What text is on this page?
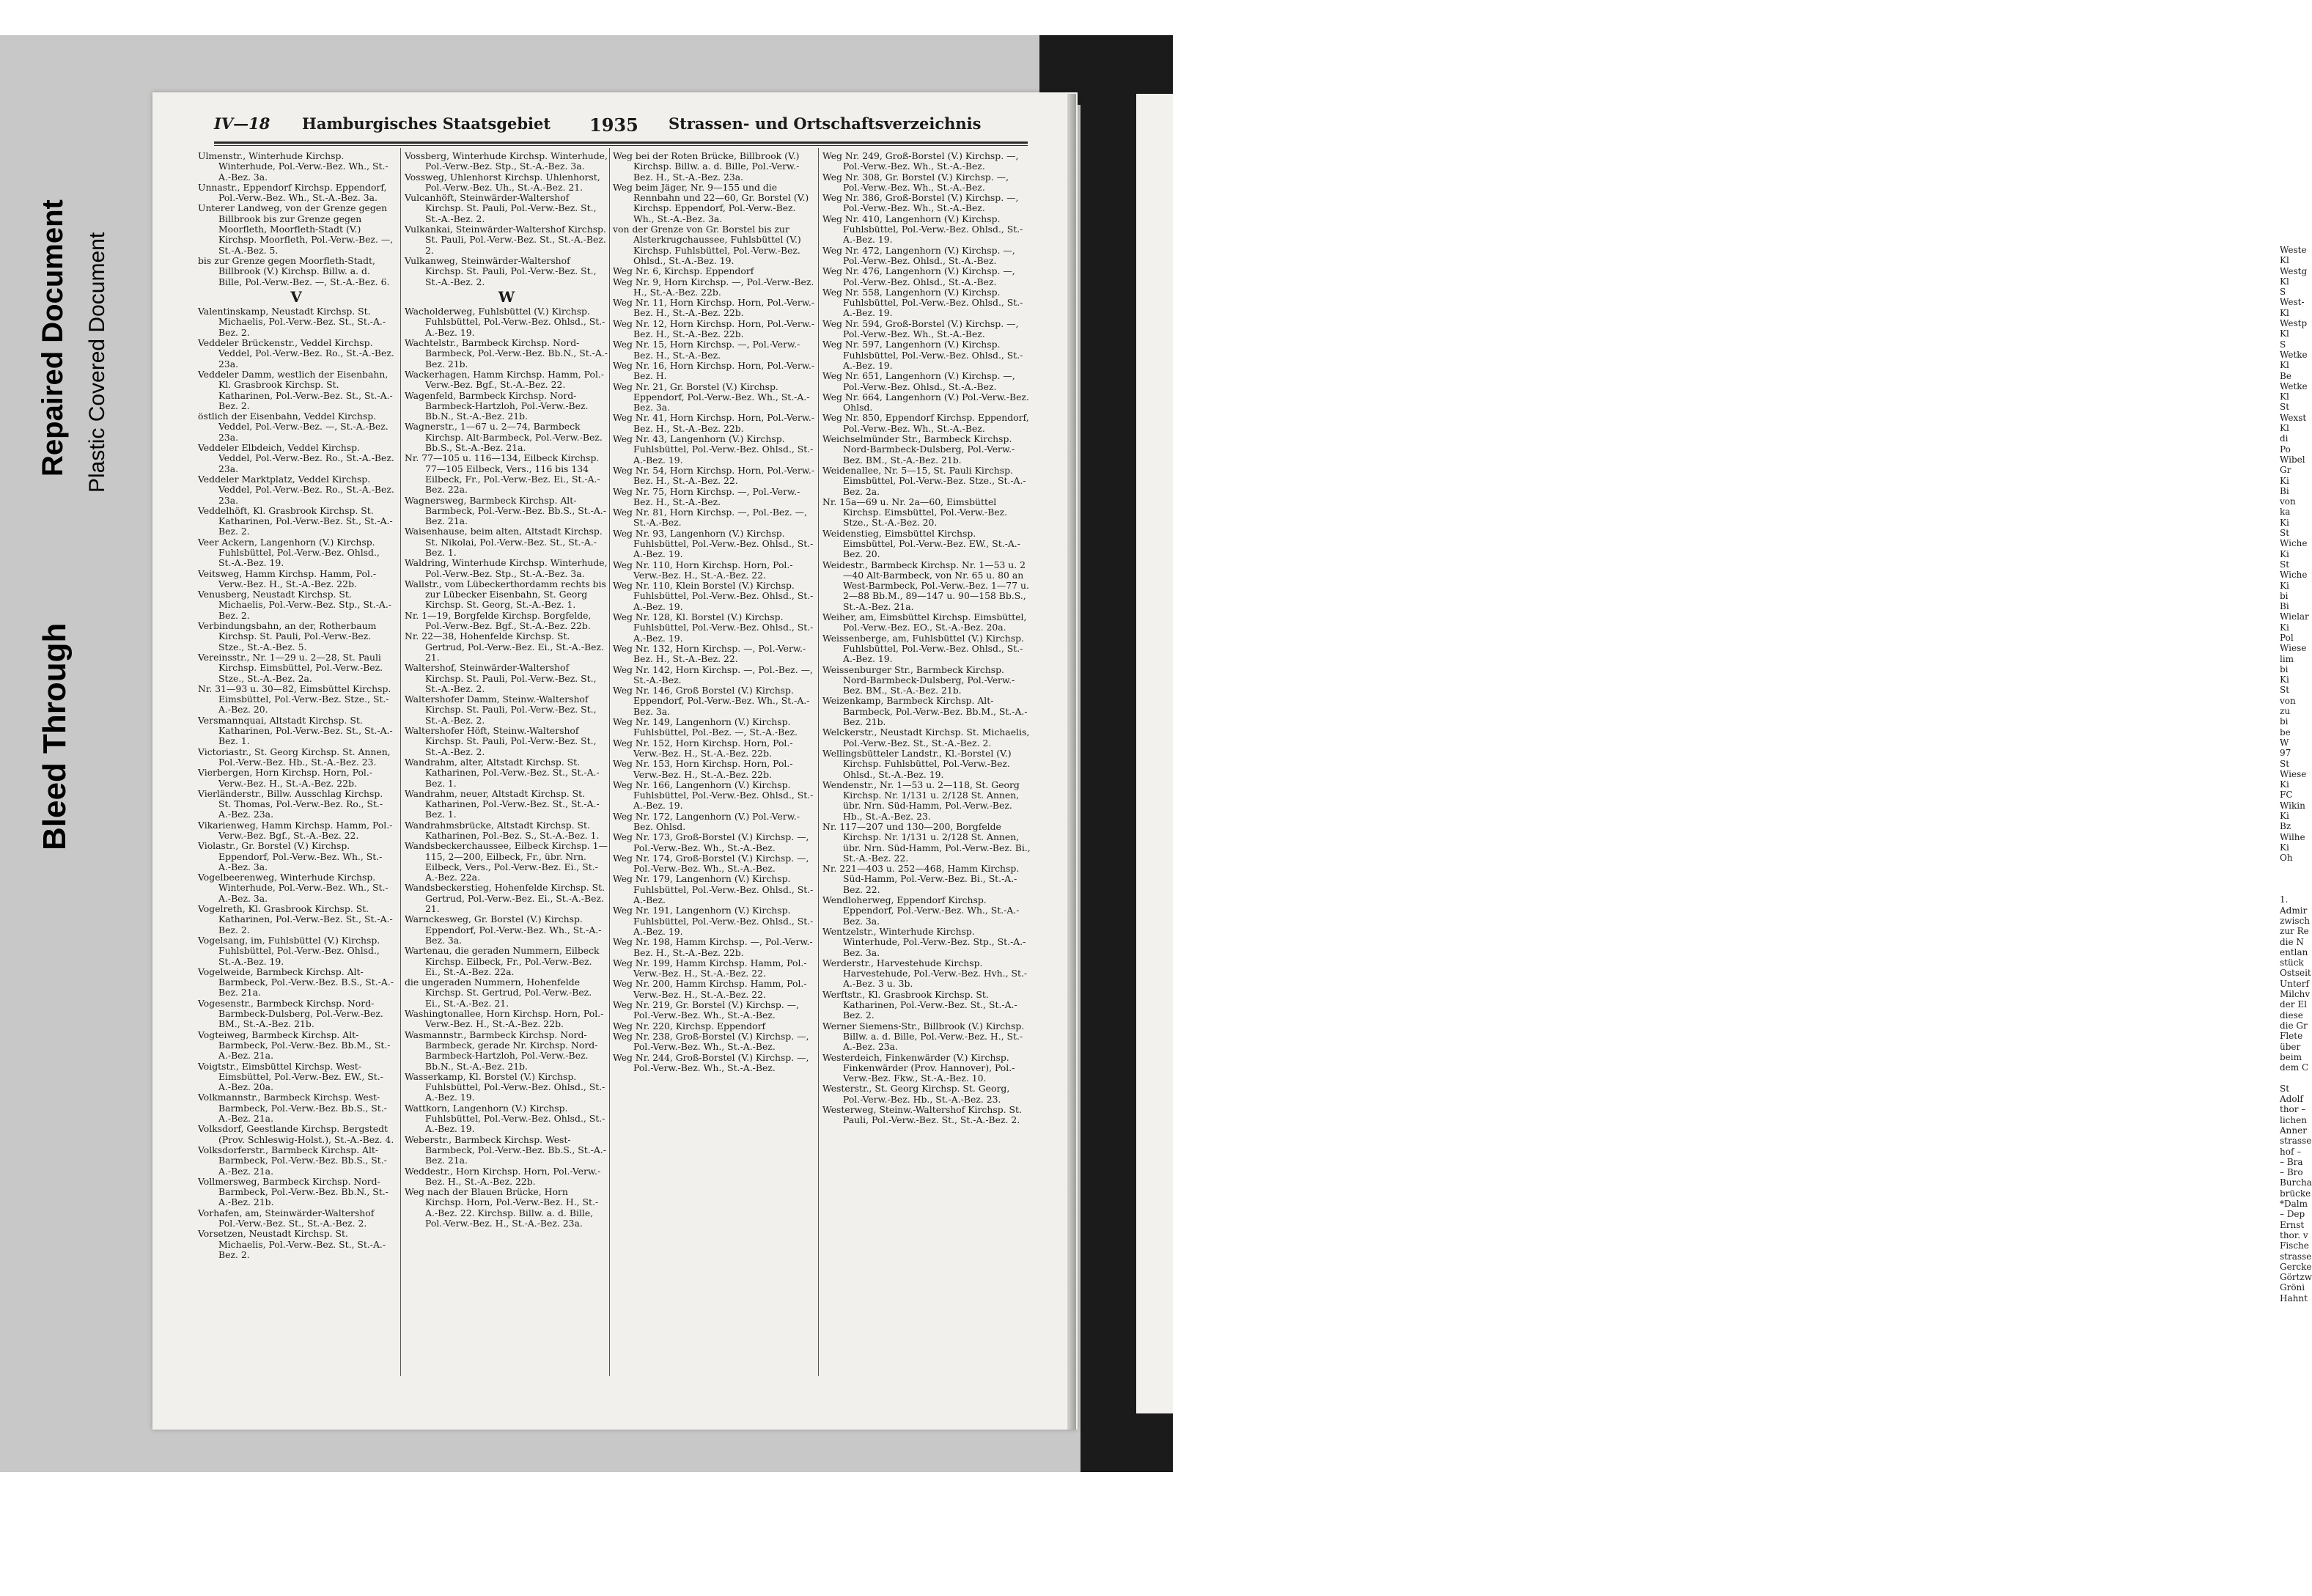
Weste

Kl

Westg

Kl

S

West-

Kl

Westp

Kl

S

Wetke

Kl

Be

Wetke

Kl

St

Wexst

Kl

di

Po

Wibel

Gr

Ki

Bi

von

ka

Ki

St

Wiche

Ki

St

Wiche

Ki

bi

Bi

Wielar

Ki

Pol

Wiese

lim

bi

Ki

St

von

zu

bi

be

W

97

St

Wiese

Ki

FC

Wikin

Ki

Bz

Wilhe

Ki

Oh

1.

Admir

zwisch

zur Re

die N

entlan

stück

Ostseit

Unterf

Milchv

der El

diese

die Gr

Flete

über

beim

dem C

St

Adolf

thor –

lichen

Anner

strasse

hof –

– Bra

– Bro

Burcha

brücke

*Dalm

– Dep

Ernst

thor. v

Fische

strasse

Gercke

Görtzw

Gröni

Hahnt

Bleed Through
Repaired Document Plastic Covered Document
IV—18 Hamburgisches Staatsgebiet 1935 Strassen- und Ortschaftsverzeichnis

Ulmenstr., Winterhude Kirchsp. Winterhude, Pol.-Verw.-Bez. Wh., St.-A.-Bez. 3a.

Unnastr., Eppendorf Kirchsp. Eppendorf, Pol.-Verw.-Bez. Wh., St.-A.-Bez. 3a.

Unterer Landweg, von der Grenze gegen Billbrook bis zur Grenze gegen Moorfleth, Moorfleth-Stadt (V.) Kirchsp. Moorfleth, Pol.-Verw.-Bez. —, St.-A.-Bez. 5.

bis zur Grenze gegen Moorfleth-Stadt, Billbrook (V.) Kirchsp. Billw. a. d. Bille, Pol.-Verw.-Bez. —, St.-A.-Bez. 6.

V

Valentinskamp, Neustadt Kirchsp. St. Michaelis, Pol.-Verw.-Bez. St., St.-A.-Bez. 2.

Veddeler Brückenstr., Veddel Kirchsp. Veddel, Pol.-Verw.-Bez. Ro., St.-A.-Bez. 23a.

Veddeler Damm, westlich der Eisenbahn, Kl. Grasbrook Kirchsp. St. Katharinen, Pol.-Verw.-Bez. St., St.-A.-Bez. 2.

östlich der Eisenbahn, Veddel Kirchsp. Veddel, Pol.-Verw.-Bez. —, St.-A.-Bez. 23a.

Veddeler Elbdeich, Veddel Kirchsp. Veddel, Pol.-Verw.-Bez. Ro., St.-A.-Bez. 23a.

Veddeler Marktplatz, Veddel Kirchsp. Veddel, Pol.-Verw.-Bez. Ro., St.-A.-Bez. 23a.

Veddelhöft, Kl. Grasbrook Kirchsp. St. Katharinen, Pol.-Verw.-Bez. St., St.-A.-Bez. 2.

Veer Ackern, Langenhorn (V.) Kirchsp. Fuhlsbüttel, Pol.-Verw.-Bez. Ohlsd., St.-A.-Bez. 19.

Veitsweg, Hamm Kirchsp. Hamm, Pol.-Verw.-Bez. H., St.-A.-Bez. 22b.

Venusberg, Neustadt Kirchsp. St. Michaelis, Pol.-Verw.-Bez. Stp., St.-A.-Bez. 2.

Verbindungsbahn, an der, Rotherbaum Kirchsp. St. Pauli, Pol.-Verw.-Bez. Stze., St.-A.-Bez. 5.

Vereinsstr., Nr. 1—29 u. 2—28, St. Pauli Kirchsp. Eimsbüttel, Pol.-Verw.-Bez. Stze., St.-A.-Bez. 2a.

Nr. 31—93 u. 30—82, Eimsbüttel Kirchsp. Eimsbüttel, Pol.-Verw.-Bez. Stze., St.-A.-Bez. 20.

Versmannquai, Altstadt Kirchsp. St. Katharinen, Pol.-Verw.-Bez. St., St.-A.-Bez. 1.

Victoriastr., St. Georg Kirchsp. St. Annen, Pol.-Verw.-Bez. Hb., St.-A.-Bez. 23.

Vierbergen, Horn Kirchsp. Horn, Pol.-Verw.-Bez. H., St.-A.-Bez. 22b.

Vierländerstr., Billw. Ausschlag Kirchsp. St. Thomas, Pol.-Verw.-Bez. Ro., St.-A.-Bez. 23a.

Vikarienweg, Hamm Kirchsp. Hamm, Pol.-Verw.-Bez. Bgf., St.-A.-Bez. 22.

Violastr., Gr. Borstel (V.) Kirchsp. Eppendorf, Pol.-Verw.-Bez. Wh., St.-A.-Bez. 3a.

Vogelbeerenweg, Winterhude Kirchsp. Winterhude, Pol.-Verw.-Bez. Wh., St.-A.-Bez. 3a.

Vogelreth, Kl. Grasbrook Kirchsp. St. Katharinen, Pol.-Verw.-Bez. St., St.-A.-Bez. 2.

Vogelsang, im, Fuhlsbüttel (V.) Kirchsp. Fuhlsbüttel, Pol.-Verw.-Bez. Ohlsd., St.-A.-Bez. 19.

Vogelweide, Barmbeck Kirchsp. Alt-Barmbeck, Pol.-Verw.-Bez. B.S., St.-A.-Bez. 21a.

Vogesenstr., Barmbeck Kirchsp. Nord-Barmbeck-Dulsberg, Pol.-Verw.-Bez. BM., St.-A.-Bez. 21b.

Vogteiweg, Barmbeck Kirchsp. Alt-Barmbeck, Pol.-Verw.-Bez. Bb.M., St.-A.-Bez. 21a.

Voigtstr., Eimsbüttel Kirchsp. West-Eimsbüttel, Pol.-Verw.-Bez. EW., St.-A.-Bez. 20a.

Volkmannstr., Barmbeck Kirchsp. West-Barmbeck, Pol.-Verw.-Bez. Bb.S., St.-A.-Bez. 21a.

Volksdorf, Geestlande Kirchsp. Bergstedt (Prov. Schleswig-Holst.), St.-A.-Bez. 4.

Volksdorferstr., Barmbeck Kirchsp. Alt-Barmbeck, Pol.-Verw.-Bez. Bb.S., St.-A.-Bez. 21a.

Vollmersweg, Barmbeck Kirchsp. Nord-Barmbeck, Pol.-Verw.-Bez. Bb.N., St.-A.-Bez. 21b.

Vorhafen, am, Steinwärder-Waltershof Pol.-Verw.-Bez. St., St.-A.-Bez. 2.

Vorsetzen, Neustadt Kirchsp. St. Michaelis, Pol.-Verw.-Bez. St., St.-A.-Bez. 2.

Vossberg, Winterhude Kirchsp. Winterhude, Pol.-Verw.-Bez. Stp., St.-A.-Bez. 3a.

Vossweg, Uhlenhorst Kirchsp. Uhlenhorst, Pol.-Verw.-Bez. Uh., St.-A.-Bez. 21.

Vulcanhöft, Steinwärder-Waltershof Kirchsp. St. Pauli, Pol.-Verw.-Bez. St., St.-A.-Bez. 2.

Vulkankai, Steinwärder-Waltershof Kirchsp. St. Pauli, Pol.-Verw.-Bez. St., St.-A.-Bez. 2.

Vulkanweg, Steinwärder-Waltershof Kirchsp. St. Pauli, Pol.-Verw.-Bez. St., St.-A.-Bez. 2.

W

Wacholderweg, Fuhlsbüttel (V.) Kirchsp. Fuhlsbüttel, Pol.-Verw.-Bez. Ohlsd., St.-A.-Bez. 19.

Wachtelstr., Barmbeck Kirchsp. Nord-Barmbeck, Pol.-Verw.-Bez. Bb.N., St.-A.-Bez. 21b.

Wackerhagen, Hamm Kirchsp. Hamm, Pol.-Verw.-Bez. Bgf., St.-A.-Bez. 22.

Wagenfeld, Barmbeck Kirchsp. Nord-Barmbeck-Hartzloh, Pol.-Verw.-Bez. Bb.N., St.-A.-Bez. 21b.

Wagnerstr., 1—67 u. 2—74, Barmbeck Kirchsp. Alt-Barmbeck, Pol.-Verw.-Bez. Bb.S., St.-A.-Bez. 21a.

Nr. 77—105 u. 116—134, Eilbeck Kirchsp. 77—105 Eilbeck, Vers., 116 bis 134 Eilbeck, Fr., Pol.-Verw.-Bez. Ei., St.-A.-Bez. 22a.

Wagnersweg, Barmbeck Kirchsp. Alt-Barmbeck, Pol.-Verw.-Bez. Bb.S., St.-A.-Bez. 21a.

Waisenhause, beim alten, Altstadt Kirchsp. St. Nikolai, Pol.-Verw.-Bez. St., St.-A.-Bez. 1.

Waldring, Winterhude Kirchsp. Winterhude, Pol.-Verw.-Bez. Stp., St.-A.-Bez. 3a.

Wallstr., vom Lübeckerthordamm rechts bis zur Lübecker Eisenbahn, St. Georg Kirchsp. St. Georg, St.-A.-Bez. 1.

Nr. 1—19, Borgfelde Kirchsp. Borgfelde, Pol.-Verw.-Bez. Bgf., St.-A.-Bez. 22b.

Nr. 22—38, Hohenfelde Kirchsp. St. Gertrud, Pol.-Verw.-Bez. Ei., St.-A.-Bez. 21.

Waltershof, Steinwärder-Waltershof Kirchsp. St. Pauli, Pol.-Verw.-Bez. St., St.-A.-Bez. 2.

Waltershofer Damm, Steinw.-Waltershof Kirchsp. St. Pauli, Pol.-Verw.-Bez. St., St.-A.-Bez. 2.

Waltershofer Höft, Steinw.-Waltershof Kirchsp. St. Pauli, Pol.-Verw.-Bez. St., St.-A.-Bez. 2.

Wandrahm, alter, Altstadt Kirchsp. St. Katharinen, Pol.-Verw.-Bez. St., St.-A.-Bez. 1.

Wandrahm, neuer, Altstadt Kirchsp. St. Katharinen, Pol.-Verw.-Bez. St., St.-A.-Bez. 1.

Wandrahmsbrücke, Altstadt Kirchsp. St. Katharinen, Pol.-Bez. S., St.-A.-Bez. 1.

Wandsbeckerchaussee, Eilbeck Kirchsp. 1—115, 2—200, Eilbeck, Fr., übr. Nrn. Eilbeck, Vers., Pol.-Verw.-Bez. Ei., St.-A.-Bez. 22a.

Wandsbeckerstieg, Hohenfelde Kirchsp. St. Gertrud, Pol.-Verw.-Bez. Ei., St.-A.-Bez. 21.

Warnckesweg, Gr. Borstel (V.) Kirchsp. Eppendorf, Pol.-Verw.-Bez. Wh., St.-A.-Bez. 3a.

Wartenau, die geraden Nummern, Eilbeck Kirchsp. Eilbeck, Fr., Pol.-Verw.-Bez. Ei., St.-A.-Bez. 22a.

die ungeraden Nummern, Hohenfelde Kirchsp. St. Gertrud, Pol.-Verw.-Bez. Ei., St.-A.-Bez. 21.

Washingtonallee, Horn Kirchsp. Horn, Pol.-Verw.-Bez. H., St.-A.-Bez. 22b.

Wasmannstr., Barmbeck Kirchsp. Nord-Barmbeck, gerade Nr. Kirchsp. Nord-Barmbeck-Hartzloh, Pol.-Verw.-Bez. Bb.N., St.-A.-Bez. 21b.

Wasserkamp, Kl. Borstel (V.) Kirchsp. Fuhlsbüttel, Pol.-Verw.-Bez. Ohlsd., St.-A.-Bez. 19.

Wattkorn, Langenhorn (V.) Kirchsp. Fuhlsbüttel, Pol.-Verw.-Bez. Ohlsd., St.-A.-Bez. 19.

Weberstr., Barmbeck Kirchsp. West-Barmbeck, Pol.-Verw.-Bez. Bb.S., St.-A.-Bez. 21a.

Weddestr., Horn Kirchsp. Horn, Pol.-Verw.-Bez. H., St.-A.-Bez. 22b.

Weg nach der Blauen Brücke, Horn Kirchsp. Horn, Pol.-Verw.-Bez. H., St.-A.-Bez. 22. Kirchsp. Billw. a. d. Bille, Pol.-Verw.-Bez. H., St.-A.-Bez. 23a.

Weg bei der Roten Brücke, Billbrook (V.) Kirchsp. Billw. a. d. Bille, Pol.-Verw.-Bez. H., St.-A.-Bez. 23a.

Weg beim Jäger, Nr. 9—155 und die Rennbahn und 22—60, Gr. Borstel (V.) Kirchsp. Eppendorf, Pol.-Verw.-Bez. Wh., St.-A.-Bez. 3a.

von der Grenze von Gr. Borstel bis zur Alsterkrugchaussee, Fuhlsbüttel (V.) Kirchsp. Fuhlsbüttel, Pol.-Verw.-Bez. Ohlsd., St.-A.-Bez. 19.

Weg Nr. 6, Kirchsp. Eppendorf

Weg Nr. 9, Horn Kirchsp. —, Pol.-Verw.-Bez. H., St.-A.-Bez. 22b.

Weg Nr. 11, Horn Kirchsp. Horn, Pol.-Verw.-Bez. H., St.-A.-Bez. 22b.

Weg Nr. 12, Horn Kirchsp. Horn, Pol.-Verw.-Bez. H., St.-A.-Bez. 22b.

Weg Nr. 15, Horn Kirchsp. —, Pol.-Verw.-Bez. H., St.-A.-Bez.

Weg Nr. 16, Horn Kirchsp. Horn, Pol.-Verw.-Bez. H.

Weg Nr. 21, Gr. Borstel (V.) Kirchsp. Eppendorf, Pol.-Verw.-Bez. Wh., St.-A.-Bez. 3a.

Weg Nr. 41, Horn Kirchsp. Horn, Pol.-Verw.-Bez. H., St.-A.-Bez. 22b.

Weg Nr. 43, Langenhorn (V.) Kirchsp. Fuhlsbüttel, Pol.-Verw.-Bez. Ohlsd., St.-A.-Bez. 19.

Weg Nr. 54, Horn Kirchsp. Horn, Pol.-Verw.-Bez. H., St.-A.-Bez. 22.

Weg Nr. 75, Horn Kirchsp. —, Pol.-Verw.-Bez. H., St.-A.-Bez.

Weg Nr. 81, Horn Kirchsp. —, Pol.-Bez. —, St.-A.-Bez.

Weg Nr. 93, Langenhorn (V.) Kirchsp. Fuhlsbüttel, Pol.-Verw.-Bez. Ohlsd., St.-A.-Bez. 19.

Weg Nr. 110, Horn Kirchsp. Horn, Pol.-Verw.-Bez. H., St.-A.-Bez. 22.

Weg Nr. 110, Klein Borstel (V.) Kirchsp. Fuhlsbüttel, Pol.-Verw.-Bez. Ohlsd., St.-A.-Bez. 19.

Weg Nr. 128, Kl. Borstel (V.) Kirchsp. Fuhlsbüttel, Pol.-Verw.-Bez. Ohlsd., St.-A.-Bez. 19.

Weg Nr. 132, Horn Kirchsp. —, Pol.-Verw.-Bez. H., St.-A.-Bez. 22.

Weg Nr. 142, Horn Kirchsp. —, Pol.-Bez. —, St.-A.-Bez.

Weg Nr. 146, Groß Borstel (V.) Kirchsp. Eppendorf, Pol.-Verw.-Bez. Wh., St.-A.-Bez. 3a.

Weg Nr. 149, Langenhorn (V.) Kirchsp. Fuhlsbüttel, Pol.-Bez. —, St.-A.-Bez.

Weg Nr. 152, Horn Kirchsp. Horn, Pol.-Verw.-Bez. H., St.-A.-Bez. 22b.

Weg Nr. 153, Horn Kirchsp. Horn, Pol.-Verw.-Bez. H., St.-A.-Bez. 22b.

Weg Nr. 166, Langenhorn (V.) Kirchsp. Fuhlsbüttel, Pol.-Verw.-Bez. Ohlsd., St.-A.-Bez. 19.

Weg Nr. 172, Langenhorn (V.) Pol.-Verw.-Bez. Ohlsd.

Weg Nr. 173, Groß-Borstel (V.) Kirchsp. —, Pol.-Verw.-Bez. Wh., St.-A.-Bez.

Weg Nr. 174, Groß-Borstel (V.) Kirchsp. —, Pol.-Verw.-Bez. Wh., St.-A.-Bez.

Weg Nr. 179, Langenhorn (V.) Kirchsp. Fuhlsbüttel, Pol.-Verw.-Bez. Ohlsd., St.-A.-Bez.

Weg Nr. 191, Langenhorn (V.) Kirchsp. Fuhlsbüttel, Pol.-Verw.-Bez. Ohlsd., St.-A.-Bez. 19.

Weg Nr. 198, Hamm Kirchsp. —, Pol.-Verw.-Bez. H., St.-A.-Bez. 22b.

Weg Nr. 199, Hamm Kirchsp. Hamm, Pol.-Verw.-Bez. H., St.-A.-Bez. 22.

Weg Nr. 200, Hamm Kirchsp. Hamm, Pol.-Verw.-Bez. H., St.-A.-Bez. 22.

Weg Nr. 219, Gr. Borstel (V.) Kirchsp. —, Pol.-Verw.-Bez. Wh., St.-A.-Bez.

Weg Nr. 220, Kirchsp. Eppendorf

Weg Nr. 238, Groß-Borstel (V.) Kirchsp. —, Pol.-Verw.-Bez. Wh., St.-A.-Bez.

Weg Nr. 244, Groß-Borstel (V.) Kirchsp. —, Pol.-Verw.-Bez. Wh., St.-A.-Bez.

Weg Nr. 249, Groß-Borstel (V.) Kirchsp. —, Pol.-Verw.-Bez. Wh., St.-A.-Bez.

Weg Nr. 308, Gr. Borstel (V.) Kirchsp. —, Pol.-Verw.-Bez. Wh., St.-A.-Bez.

Weg Nr. 386, Groß-Borstel (V.) Kirchsp. —, Pol.-Verw.-Bez. Wh., St.-A.-Bez.

Weg Nr. 410, Langenhorn (V.) Kirchsp. Fuhlsbüttel, Pol.-Verw.-Bez. Ohlsd., St.-A.-Bez. 19.

Weg Nr. 472, Langenhorn (V.) Kirchsp. —, Pol.-Verw.-Bez. Ohlsd., St.-A.-Bez.

Weg Nr. 476, Langenhorn (V.) Kirchsp. —, Pol.-Verw.-Bez. Ohlsd., St.-A.-Bez.

Weg Nr. 558, Langenhorn (V.) Kirchsp. Fuhlsbüttel, Pol.-Verw.-Bez. Ohlsd., St.-A.-Bez. 19.

Weg Nr. 594, Groß-Borstel (V.) Kirchsp. —, Pol.-Verw.-Bez. Wh., St.-A.-Bez.

Weg Nr. 597, Langenhorn (V.) Kirchsp. Fuhlsbüttel, Pol.-Verw.-Bez. Ohlsd., St.-A.-Bez. 19.

Weg Nr. 651, Langenhorn (V.) Kirchsp. —, Pol.-Verw.-Bez. Ohlsd., St.-A.-Bez.

Weg Nr. 664, Langenhorn (V.) Pol.-Verw.-Bez. Ohlsd.

Weg Nr. 850, Eppendorf Kirchsp. Eppendorf, Pol.-Verw.-Bez. Wh., St.-A.-Bez.

Weichselmünder Str., Barmbeck Kirchsp. Nord-Barmbeck-Dulsberg, Pol.-Verw.-Bez. BM., St.-A.-Bez. 21b.

Weidenallee, Nr. 5—15, St. Pauli Kirchsp. Eimsbüttel, Pol.-Verw.-Bez. Stze., St.-A.-Bez. 2a.

Nr. 15a—69 u. Nr. 2a—60, Eimsbüttel Kirchsp. Eimsbüttel, Pol.-Verw.-Bez. Stze., St.-A.-Bez. 20.

Weidenstieg, Eimsbüttel Kirchsp. Eimsbüttel, Pol.-Verw.-Bez. EW., St.-A.-Bez. 20.

Weidestr., Barmbeck Kirchsp. Nr. 1—53 u. 2—40 Alt-Barmbeck, von Nr. 65 u. 80 an West-Barmbeck, Pol.-Verw.-Bez. 1—77 u. 2—88 Bb.M., 89—147 u. 90—158 Bb.S., St.-A.-Bez. 21a.

Weiher, am, Eimsbüttel Kirchsp. Eimsbüttel, Pol.-Verw.-Bez. EO., St.-A.-Bez. 20a.

Weissenberge, am, Fuhlsbüttel (V.) Kirchsp. Fuhlsbüttel, Pol.-Verw.-Bez. Ohlsd., St.-A.-Bez. 19.

Weissenburger Str., Barmbeck Kirchsp. Nord-Barmbeck-Dulsberg, Pol.-Verw.-Bez. BM., St.-A.-Bez. 21b.

Weizenkamp, Barmbeck Kirchsp. Alt-Barmbeck, Pol.-Verw.-Bez. Bb.M., St.-A.-Bez. 21b.

Welckerstr., Neustadt Kirchsp. St. Michaelis, Pol.-Verw.-Bez. St., St.-A.-Bez. 2.

Wellingsbütteler Landstr., Kl.-Borstel (V.) Kirchsp. Fuhlsbüttel, Pol.-Verw.-Bez. Ohlsd., St.-A.-Bez. 19.

Wendenstr., Nr. 1—53 u. 2—118, St. Georg Kirchsp. Nr. 1/131 u. 2/128 St. Annen, übr. Nrn. Süd-Hamm, Pol.-Verw.-Bez. Hb., St.-A.-Bez. 23.

Nr. 117—207 und 130—200, Borgfelde Kirchsp. Nr. 1/131 u. 2/128 St. Annen, übr. Nrn. Süd-Hamm, Pol.-Verw.-Bez. Bi., St.-A.-Bez. 22.

Nr. 221—403 u. 252—468, Hamm Kirchsp. Süd-Hamm, Pol.-Verw.-Bez. Bi., St.-A.-Bez. 22.

Wendloherweg, Eppendorf Kirchsp. Eppendorf, Pol.-Verw.-Bez. Wh., St.-A.-Bez. 3a.

Wentzelstr., Winterhude Kirchsp. Winterhude, Pol.-Verw.-Bez. Stp., St.-A.-Bez. 3a.

Werderstr., Harvestehude Kirchsp. Harvestehude, Pol.-Verw.-Bez. Hvh., St.-A.-Bez. 3 u. 3b.

Werftstr., Kl. Grasbrook Kirchsp. St. Katharinen, Pol.-Verw.-Bez. St., St.-A.-Bez. 2.

Werner Siemens-Str., Billbrook (V.) Kirchsp. Billw. a. d. Bille, Pol.-Verw.-Bez. H., St.-A.-Bez. 23a.

Westerdeich, Finkenwärder (V.) Kirchsp. Finkenwärder (Prov. Hannover), Pol.-Verw.-Bez. Fkw., St.-A.-Bez. 10.

Westerstr., St. Georg Kirchsp. St. Georg, Pol.-Verw.-Bez. Hb., St.-A.-Bez. 23.

Westerweg, Steinw.-Waltershof Kirchsp. St. Pauli, Pol.-Verw.-Bez. St., St.-A.-Bez. 2.
